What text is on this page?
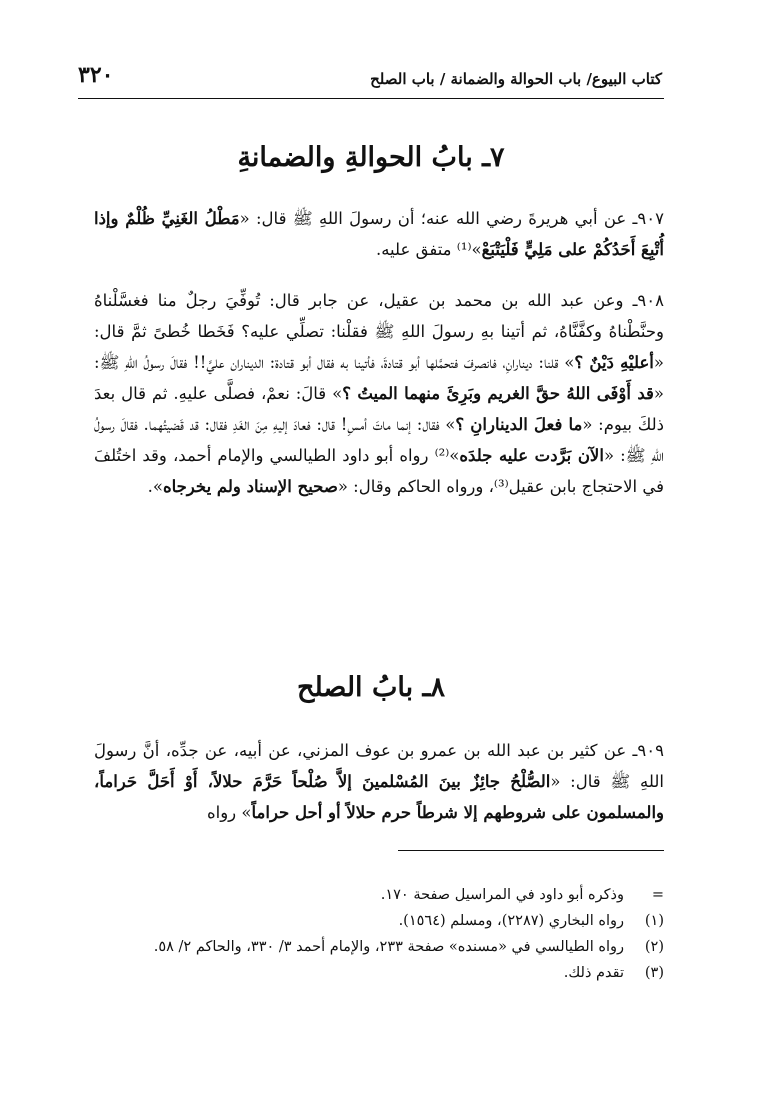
كتاب البيوع/ باب الحوالة والضمانة / باب الصلح
٣٢٠
٧ـ بابُ الحوالةِ والضمانةِ
٩٠٧ـ عن أبي هريرةَ رضي الله عنه؛ أن رسولَ اللهِ ﷺ قال: «مَطْلُ الغَنِيِّ ظُلْمٌ وإذا أُتْبِعَ أَحَدُكُمْ على مَلِيٍّ فَلْيَتْبَعْ»⁽¹⁾ متفق عليه.
٩٠٨ـ وعن عبد الله بن محمد بن عقيل، عن جابر قال: تُوفِّيَ رجلٌ منا فغسَّلْناهُ وحنَّطْناهُ وكفَّنَّاهُ، ثم أتينا بهِ رسولَ اللهِ ﷺ فقلْنا: تصلِّي عليه؟ فَخَطا خُطىً ثمَّ قال: «أعليْهِ دَيْنٌ ؟» قلنا: دينارانِ، فانصرفَ فتحمَّلها أبو قتادةَ، فأتينا به فقال أبو قتادة: الديناران عليَّ!! فقالَ رسولُ اللهِ ﷺ: «قد أَوْفَى اللهُ حقَّ الغريم وبَرِئَ منهما الميتُ ؟» قالَ: نعمْ، فصلَّى عليهِ. ثم قال بعدَ ذلكَ بيوم: «ما فعلَ الدينارانِ ؟» فقال: إنما ماتَ أمسِ! قال: فعادَ إليهِ مِنَ الغَدِ فقال: قد قَضيتُهما. فقالَ رسولُ اللهِ ﷺ: «الآن بَرَّدت عليه جلدَه»⁽²⁾ رواه أبو داود الطيالسي والإمام أحمد، وقد اختُلفَ في الاحتجاج بابن عقيل⁽³⁾، ورواه الحاكم وقال: «صحيح الإسناد ولم يخرجاه».
٨ـ بابُ الصلح
٩٠٩ـ عن كثير بن عبد الله بن عمرو بن عوف المزني، عن أبيه، عن جدِّه، أنَّ رسولَ اللهِ ﷺ قال: «الصُّلْحُ جائِزٌ بينَ المُسْلمينَ إلاَّ صُلْحاً حَرَّمَ حلالاً، أَوْ أَحَلَّ حَراماً، والمسلمون على شروطهم إلا شرطاً حرم حلالاً أو أحل حراماً» رواه
=وذكره أبو داود في المراسيل صفحة ١٧٠.
(١)رواه البخاري (٢٢٨٧)، ومسلم (١٥٦٤).
(٢)رواه الطيالسي في «مسنده» صفحة ٢٣٣، والإمام أحمد ٣/ ٣٣٠، والحاكم ٢/ ٥٨.
(٣)تقدم ذلك.
